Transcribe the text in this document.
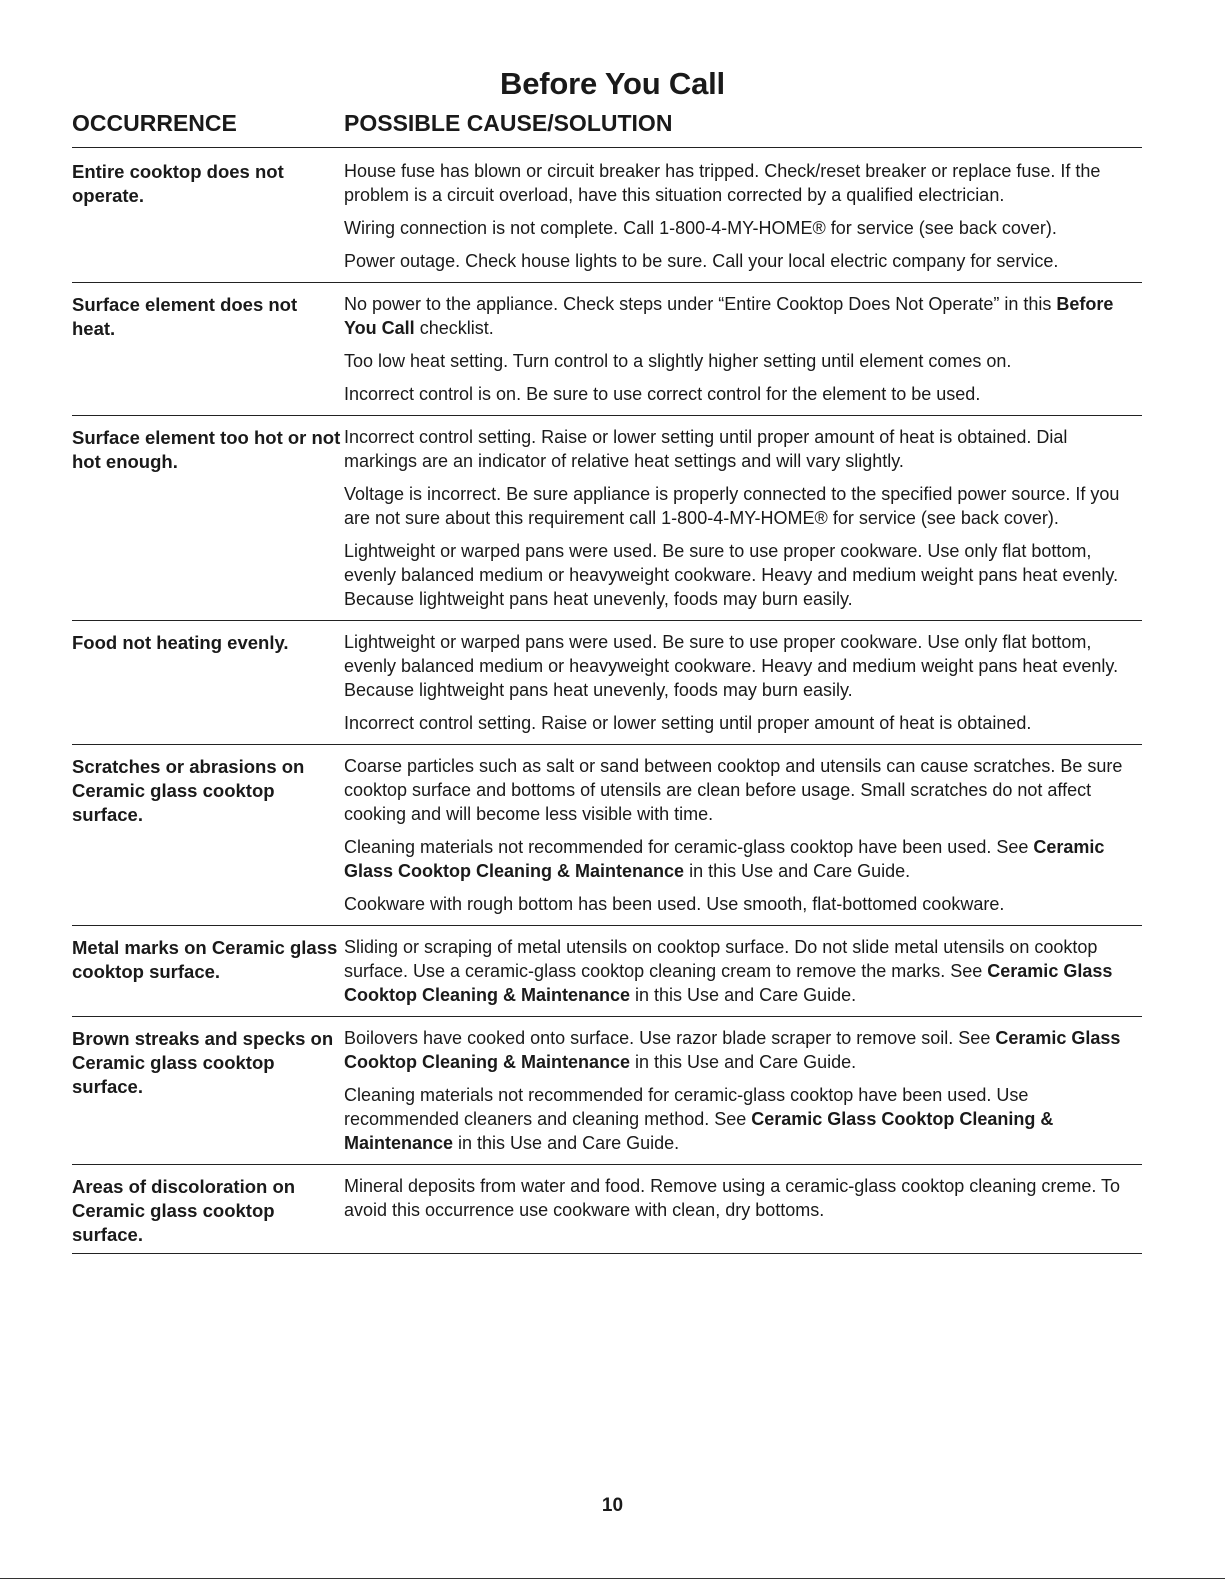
Before You Call
OCCURRENCE	POSSIBLE CAUSE/SOLUTION
Entire cooktop does not operate.

House fuse has blown or circuit breaker has tripped. Check/reset breaker or replace fuse. If the problem is a circuit overload, have this situation corrected by a qualified electrician.

Wiring connection is not complete. Call 1-800-4-MY-HOME® for service (see back cover).

Power outage. Check house lights to be sure. Call your local electric company for service.

Surface element does not heat.

No power to the appliance. Check steps under “Entire Cooktop Does Not Operate” in this Before You Call checklist.

Too low heat setting. Turn control to a slightly higher setting until element comes on.

Incorrect control is on. Be sure to use correct control for the element to be used.

Surface element too hot or not hot enough.

Incorrect control setting. Raise or lower setting until proper amount of heat is obtained. Dial markings are an indicator of relative heat settings and will vary slightly.

Voltage is incorrect. Be sure appliance is properly connected to the specified power source. If you are not sure about this requirement call 1-800-4-MY-HOME® for service (see back cover).

Lightweight or warped pans were used. Be sure to use proper cookware. Use only flat bottom, evenly balanced medium or heavyweight cookware. Heavy and medium weight pans heat evenly. Because lightweight pans heat unevenly, foods may burn easily.

Food not heating evenly.	Lightweight or warped pans were used. Be sure to use proper cookware. Use only flat bottom, evenly balanced medium or heavyweight cookware. Heavy and medium weight pans heat evenly. Because lightweight pans heat unevenly, foods may burn easily.

Incorrect control setting. Raise or lower setting until proper amount of heat is obtained.

Scratches or abrasions on Ceramic glass cooktop surface.

Coarse particles such as salt or sand between cooktop and utensils can cause scratches. Be sure cooktop surface and bottoms of utensils are clean before usage. Small scratches do not affect cooking and will become less visible with time.

Cleaning materials not recommended for ceramic-glass cooktop have been used. See Ceramic Glass Cooktop Cleaning & Maintenance in this Use and Care Guide.

Cookware with rough bottom has been used. Use smooth, flat-bottomed cookware.

Metal marks on Ceramic glass cooktop surface.

Sliding or scraping of metal utensils on cooktop surface. Do not slide metal utensils on cooktop surface. Use a ceramic-glass cooktop cleaning cream to remove the marks. See Ceramic Glass Cooktop Cleaning & Maintenance in this Use and Care Guide.

Brown streaks and specks on Ceramic glass cooktop surface.

Boilovers have cooked onto surface. Use razor blade scraper to remove soil. See Ceramic Glass Cooktop Cleaning & Maintenance in this Use and Care Guide.

Cleaning materials not recommended for ceramic-glass cooktop have been used. Use recommended cleaners and cleaning method. See Ceramic Glass Cooktop Cleaning & Maintenance in this Use and Care Guide.

Areas of discoloration on Ceramic glass cooktop surface.

Mineral deposits from water and food. Remove using a ceramic-glass cooktop cleaning creme. To avoid this occurrence use cookware with clean, dry bottoms.

10
